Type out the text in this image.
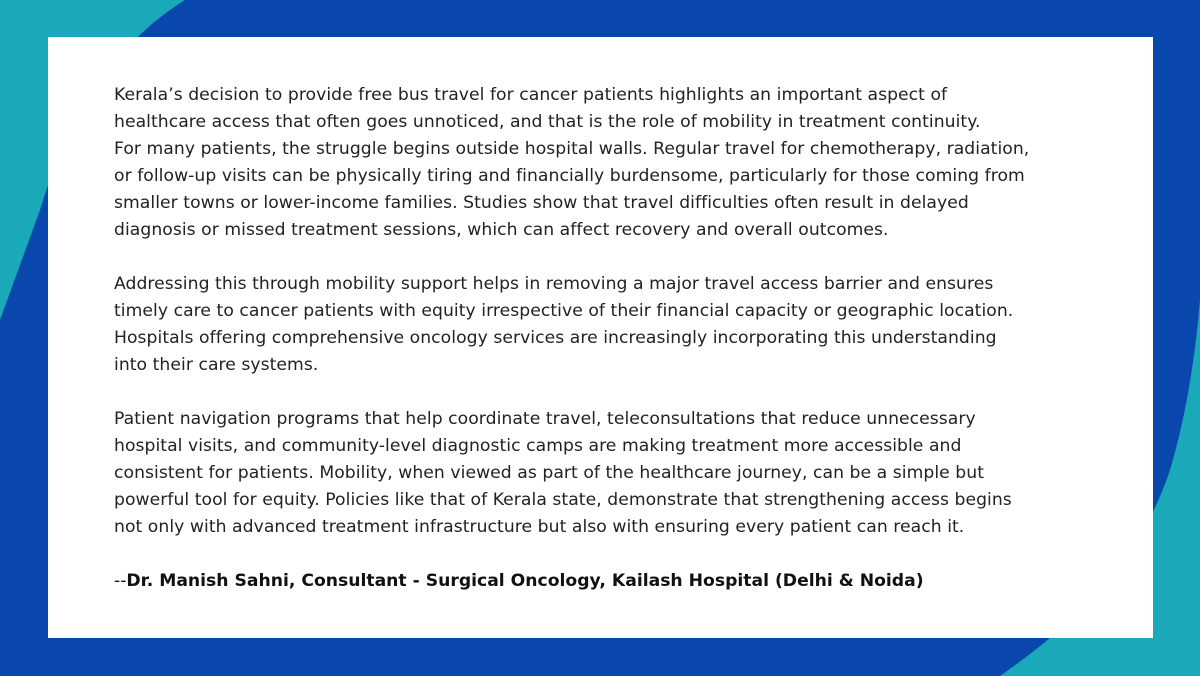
Kerala’s decision to provide free bus travel for cancer patients highlights an important aspect of
healthcare access that often goes unnoticed, and that is the role of mobility in treatment continuity.
For many patients, the struggle begins outside hospital walls. Regular travel for chemotherapy, radiation,
or follow-up visits can be physically tiring and financially burdensome, particularly for those coming from
smaller towns or lower-income families. Studies show that travel difficulties often result in delayed
diagnosis or missed treatment sessions, which can affect recovery and overall outcomes.

Addressing this through mobility support helps in removing a major travel access barrier and ensures
timely care to cancer patients with equity irrespective of their financial capacity or geographic location.
Hospitals offering comprehensive oncology services are increasingly incorporating this understanding
into their care systems.

Patient navigation programs that help coordinate travel, teleconsultations that reduce unnecessary
hospital visits, and community-level diagnostic camps are making treatment more accessible and
consistent for patients. Mobility, when viewed as part of the healthcare journey, can be a simple but
powerful tool for equity. Policies like that of Kerala state, demonstrate that strengthening access begins
not only with advanced treatment infrastructure but also with ensuring every patient can reach it.

--Dr. Manish Sahni, Consultant - Surgical Oncology, Kailash Hospital (Delhi & Noida)
